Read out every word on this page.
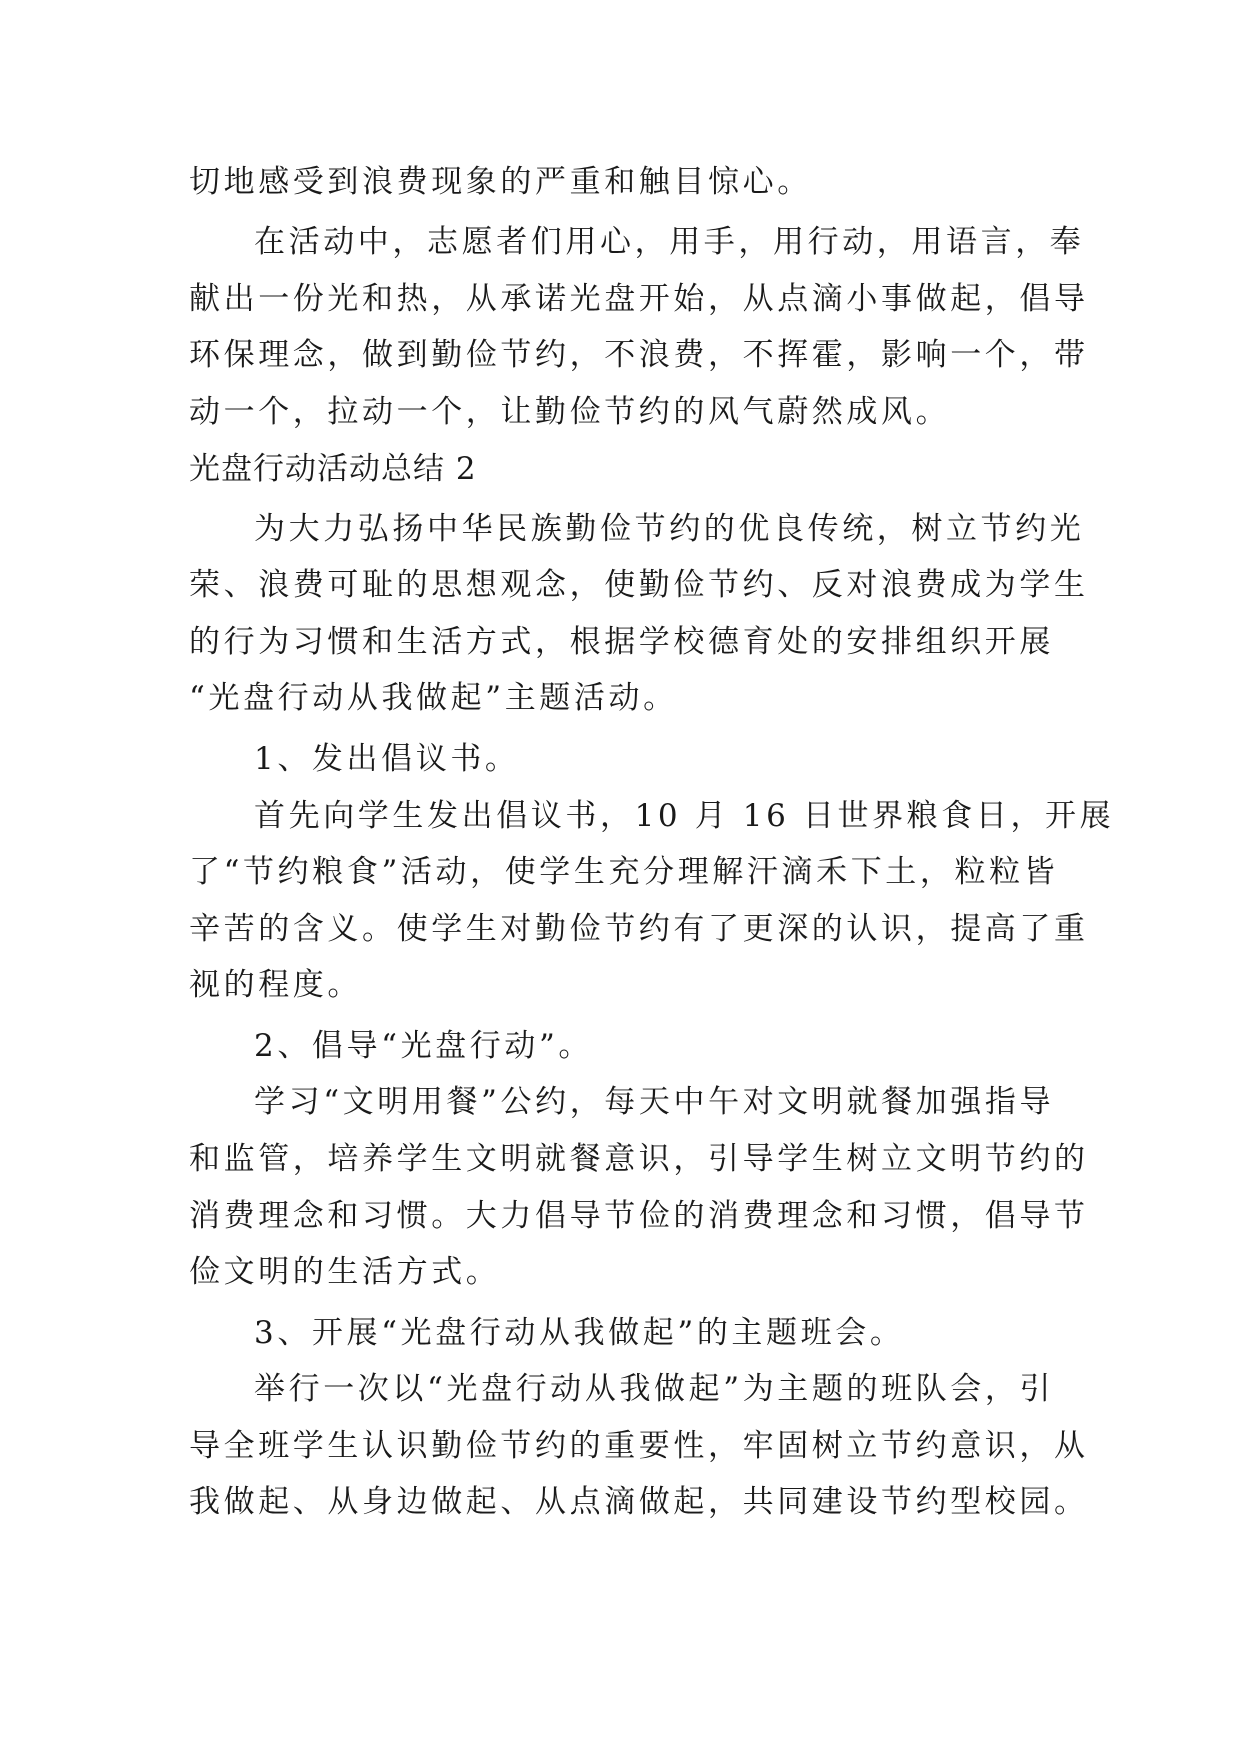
切地感受到浪费现象的严重和触目惊心。
在活动中，志愿者们用心，用手，用行动，用语言，奉
献出一份光和热，从承诺光盘开始，从点滴小事做起，倡导
环保理念，做到勤俭节约，不浪费，不挥霍，影响一个，带
动一个，拉动一个，让勤俭节约的风气蔚然成风。
光盘行动活动总结 2
为大力弘扬中华民族勤俭节约的优良传统，树立节约光
荣、浪费可耻的思想观念，使勤俭节约、反对浪费成为学生
的行为习惯和生活方式，根据学校德育处的安排组织开展
“光盘行动从我做起”主题活动。
1、发出倡议书。
首先向学生发出倡议书，10 月 16 日世界粮食日，开展
了“节约粮食”活动，使学生充分理解汗滴禾下土，粒粒皆
辛苦的含义。使学生对勤俭节约有了更深的认识，提高了重
视的程度。
2、倡导“光盘行动”。
学习“文明用餐”公约，每天中午对文明就餐加强指导
和监管，培养学生文明就餐意识，引导学生树立文明节约的
消费理念和习惯。大力倡导节俭的消费理念和习惯，倡导节
俭文明的生活方式。
3、开展“光盘行动从我做起”的主题班会。
举行一次以“光盘行动从我做起”为主题的班队会，引
导全班学生认识勤俭节约的重要性，牢固树立节约意识，从
我做起、从身边做起、从点滴做起，共同建设节约型校园。
